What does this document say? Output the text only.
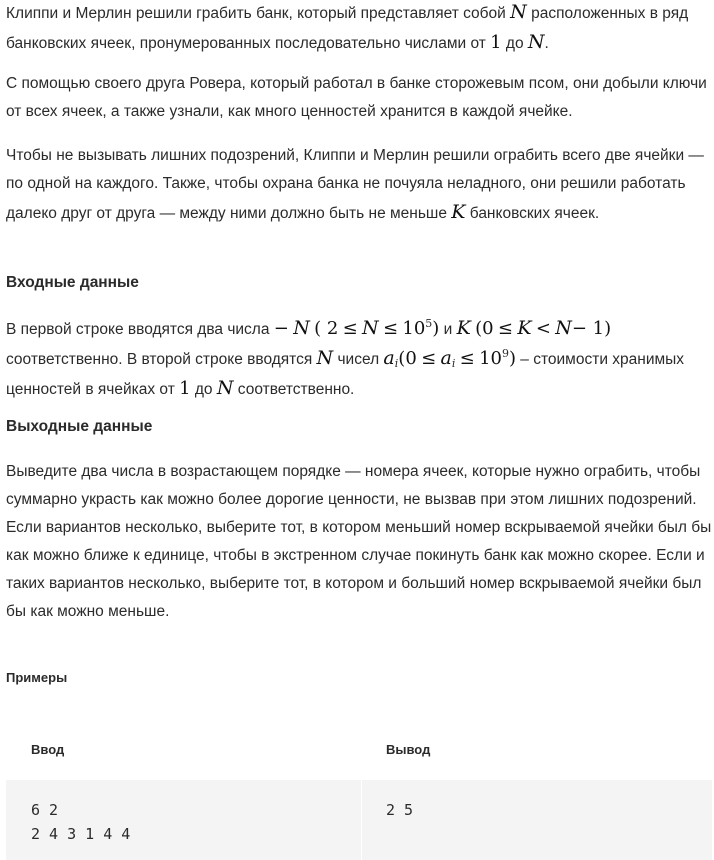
Клиппи и Мерлин решили грабить банк, который представляет собой N расположенных в ряд банковских ячеек, пронумерованных последовательно числами от 1 до N.

С помощью своего друга Ровера, который работал в банке сторожевым псом, они добыли ключи от всех ячеек, а также узнали, как много ценностей хранится в каждой ячейке.

Чтобы не вызывать лишних подозрений, Клиппи и Мерлин решили ограбить всего две ячейки — по одной на каждого. Также, чтобы охрана банка не почуяла неладного, они решили работать далеко друг от друга — между ними должно быть не меньше K банковских ячеек.

Входные данные

В первой строке вводятся два числа − N ( $2 \le N \le 10^5$) и K (0 ≤ K < N− 1) соответственно. В второй строке вводятся N чисел $a_i(0 \le a_i \le 10^9)$ – стоимости хранимых ценностей в ячейках от 1 до N соответственно.

Выходные данные

Выведите два числа в возрастающем порядке — номера ячеек, которые нужно ограбить, чтобы суммарно украсть как можно более дорогие ценности, не вызвав при этом лишних подозрений. Если вариантов несколько, выберите тот, в котором меньший номер вскрываемой ячейки был бы как можно ближе к единице, чтобы в экстренном случае покинуть банк как можно скорее. Если и таких вариантов несколько, выберите тот, в котором и больший номер вскрываемой ячейки был бы как можно меньше.

Примеры
Ввод	Вывод
6 2
2 4 3 1 4 4
2 5
